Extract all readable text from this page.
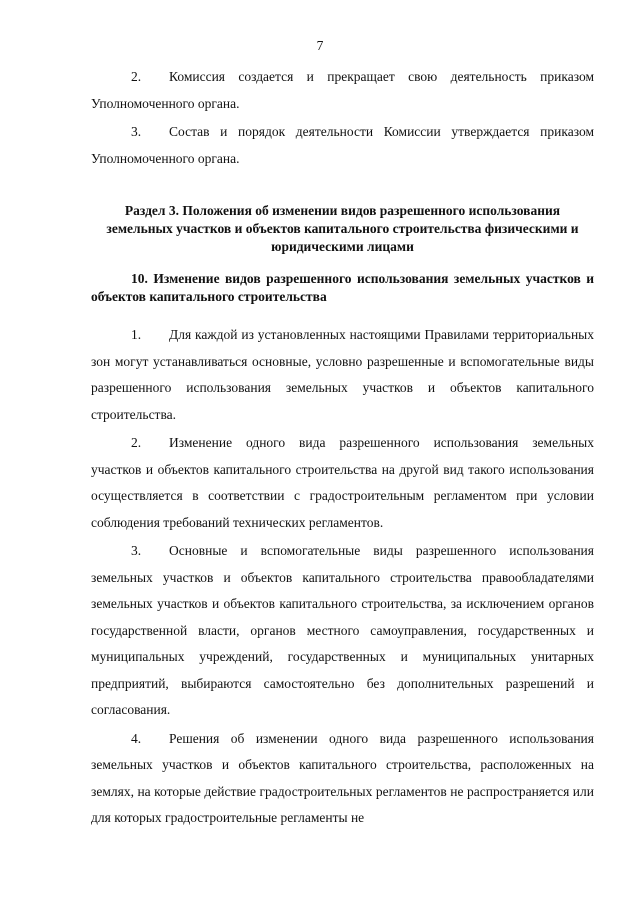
7

2. Комиссия создается и прекращает свою деятельность приказом Уполномоченного органа.

3. Состав и порядок деятельности Комиссии утверждается приказом Уполномоченного органа.

Раздел 3. Положения об изменении видов разрешенного использования земельных участков и объектов капитального строительства физическими и юридическими лицами
10. Изменение видов разрешенного использования земельных участков и объектов капитального строительства

1. Для каждой из установленных настоящими Правилами территориальных зон могут устанавливаться основные, условно разрешенные и вспомогательные виды разрешенного использования земельных участков и объектов капитального строительства.

2. Изменение одного вида разрешенного использования земельных участков и объектов капитального строительства на другой вид такого использования осуществляется в соответствии с градостроительным регламентом при условии соблюдения требований технических регламентов.

3. Основные и вспомогательные виды разрешенного использования земельных участков и объектов капитального строительства правообладателями земельных участков и объектов капитального строительства, за исключением органов государственной власти, органов местного самоуправления, государственных и муниципальных учреждений, государственных и муниципальных унитарных предприятий, выбираются самостоятельно без дополнительных разрешений и согласования.

4. Решения об изменении одного вида разрешенного использования земельных участков и объектов капитального строительства, расположенных на землях, на которые действие градостроительных регламентов не распространяется или для которых градостроительные регламенты не
